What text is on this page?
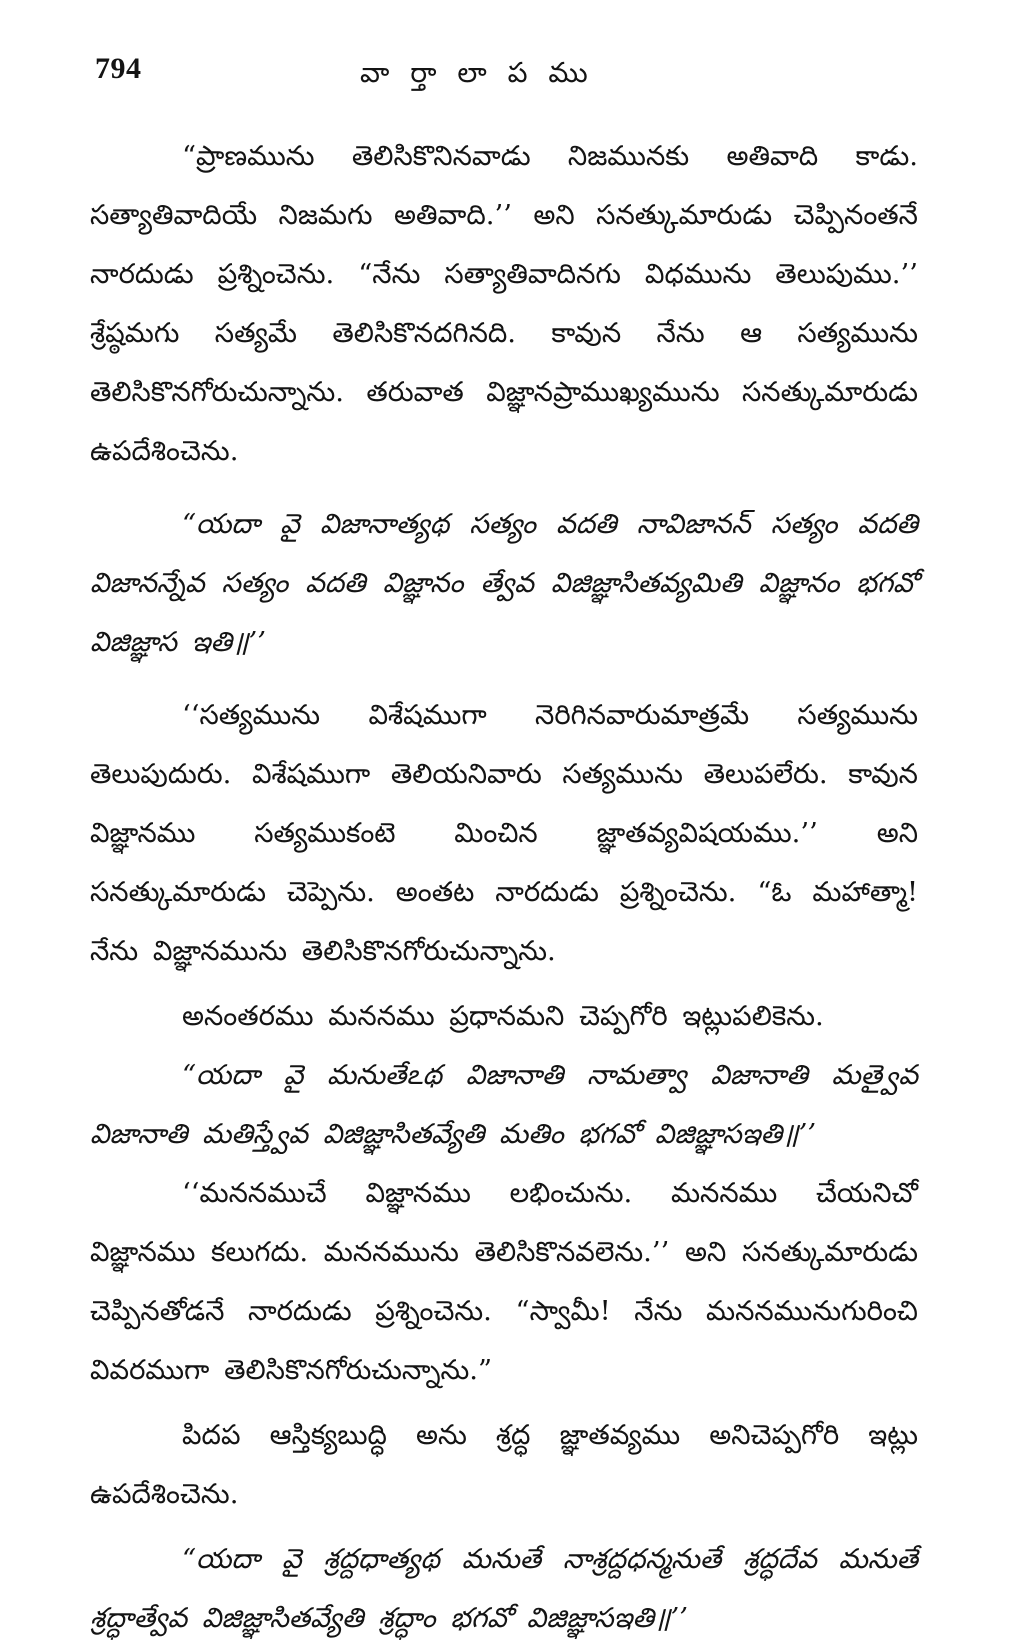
794	వా ర్తా లా ప ము

“ప్రాణమును తెలిసికొనినవాడు నిజమునకు అతివాది కాడు. సత్యాతివాదియే నిజమగు అతివాది.’’ అని సనత్కుమారుడు చెప్పినంతనే నారదుడు ప్రశ్నించెను. “నేను సత్యాతివాదినగు విధమును తెలుపుము.’’ శ్రేష్ఠమగు సత్యమే తెలిసికొనదగినది. కావున నేను ఆ సత్యమును తెలిసికొనగోరుచున్నాను. తరువాత విజ్ఞానప్రాముఖ్యమును సనత్కుమారుడు ఉపదేశించెను.

“యదా వై విజానాత్యథ సత్యం వదతి నావిజానన్ సత్యం వదతి విజానన్నేవ సత్యం వదతి విజ్ఞానం త్వేవ విజిజ్ఞాసితవ్యమితి విజ్ఞానం భగవో విజిజ్ఞాస ఇతి॥’’

‘‘సత్యమును విశేషముగా నెరిగినవారుమాత్రమే సత్యమును తెలుపుదురు. విశేషముగా తెలియనివారు సత్యమును తెలుపలేరు. కావున విజ్ఞానము సత్యముకంటె మించిన జ్ఞాతవ్యవిషయము.’’ అని సనత్కుమారుడు చెప్పెను. అంతట నారదుడు ప్రశ్నించెను. “ఓ మహాత్మా! నేను విజ్ఞానమును తెలిసికొనగోరుచున్నాను.

అనంతరము మననము ప్రధానమని చెప్పగోరి ఇట్లుపలికెను.

“యదా వై మనుతేఽథ విజానాతి నామత్వా విజానాతి మత్వైవ విజానాతి మతిస్త్వేవ విజిజ్ఞాసితవ్యేతి మతిం భగవో విజిజ్ఞాసఇతి॥’’

‘‘మననముచే విజ్ఞానము లభించును. మననము చేయనిచో విజ్ఞానము కలుగదు. మననమును తెలిసికొనవలెను.’’ అని సనత్కుమారుడు చెప్పినతోడనే నారదుడు ప్రశ్నించెను. “స్వామీ! నేను మననమునుగురించి వివరముగా తెలిసికొనగోరుచున్నాను.”

పిదప ఆస్తిక్యబుద్ధి అను శ్రద్ధ జ్ఞాతవ్యము అనిచెప్పగోరి ఇట్లు ఉపదేశించెను.

“యదా వై శ్రద్దధాత్యథ మనుతే నాశ్రద్దధన్మనుతే శ్రద్ధదేవ మనుతే శ్రద్ధాత్వేవ విజిజ్ఞాసితవ్యేతి శ్రద్ధాం భగవో విజిజ్ఞాసఇతి॥’’
